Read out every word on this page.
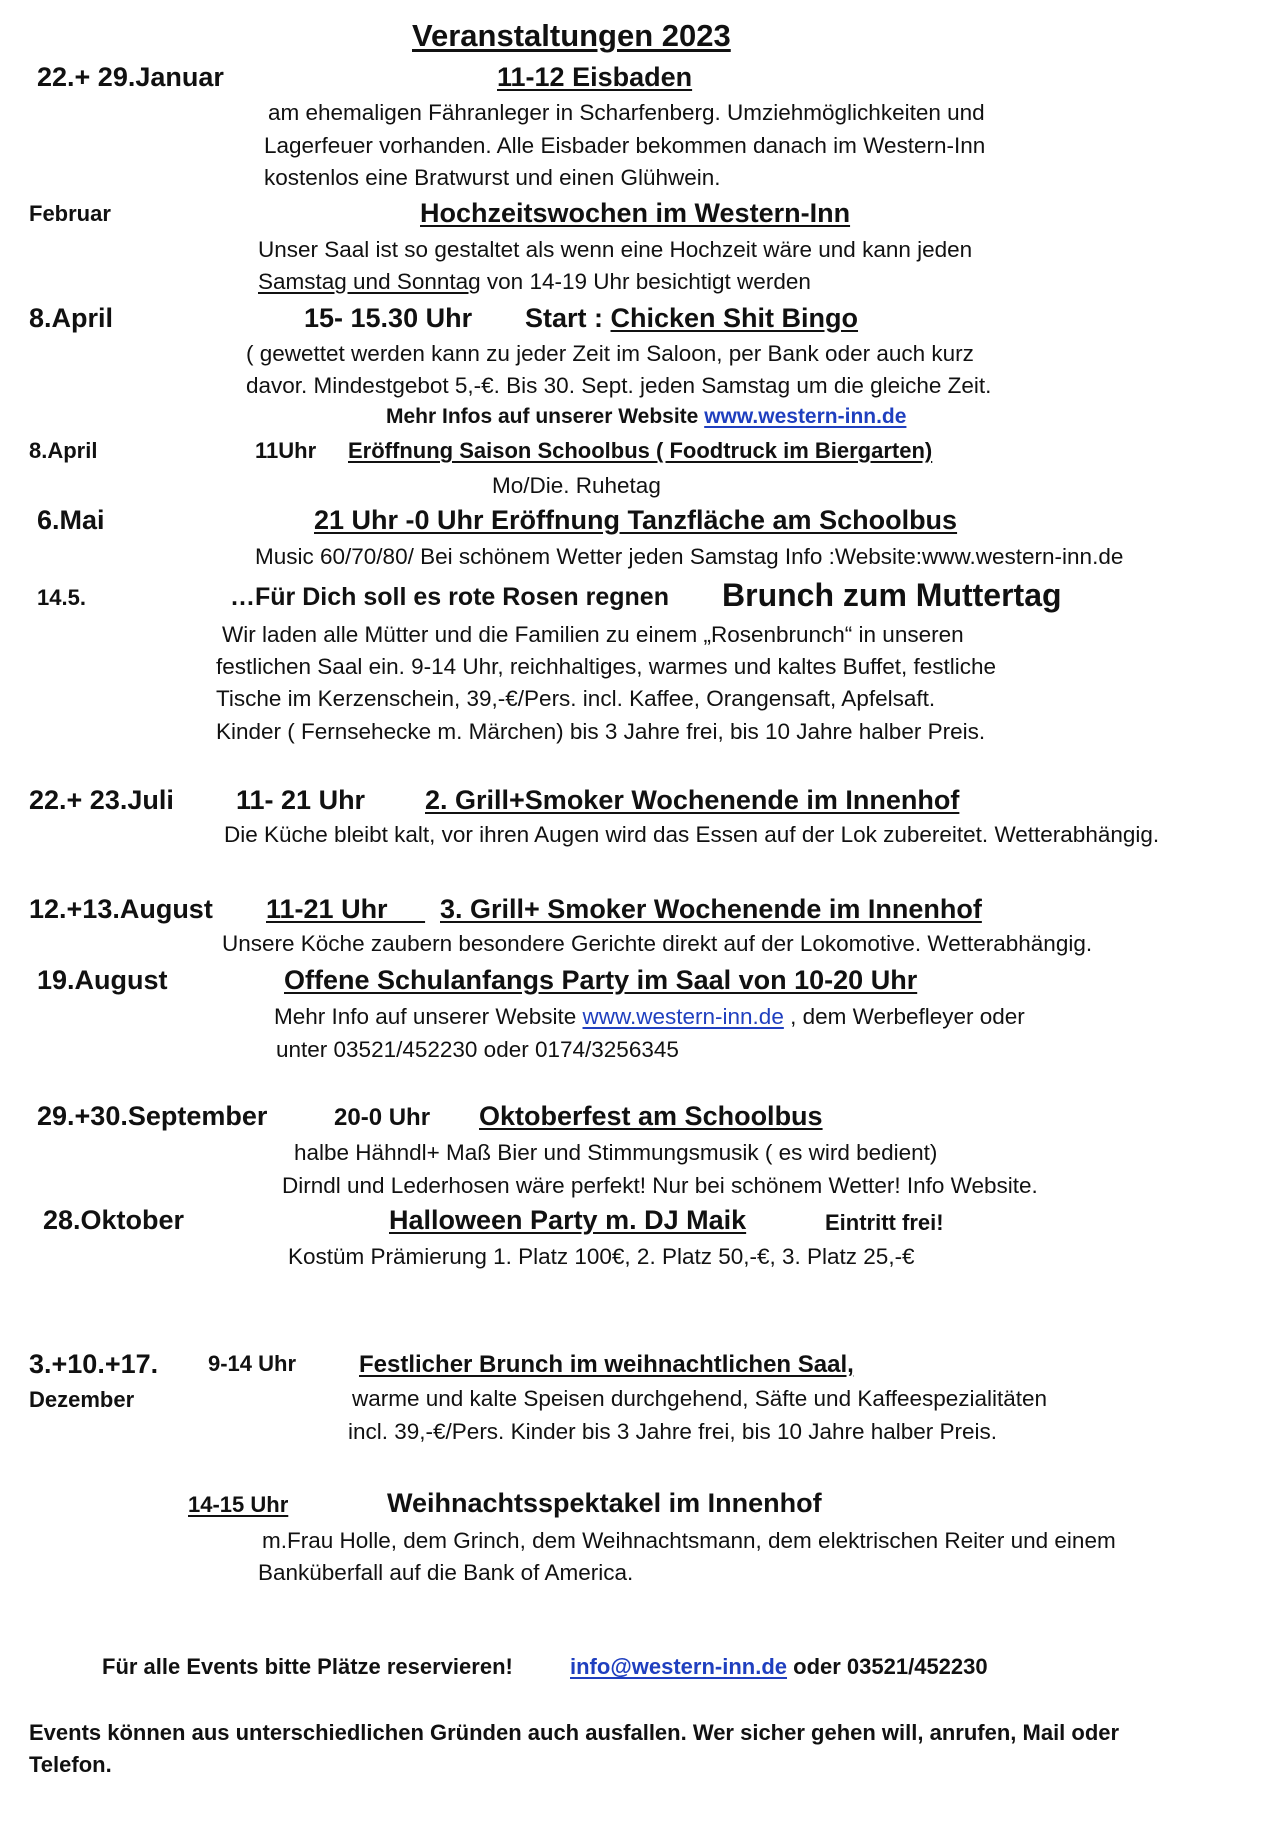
Veranstaltungen 2023
22.+ 29.Januar	11-12 Eisbaden
am ehemaligen Fähranleger in Scharfenberg. Umziehmöglichkeiten und
Lagerfeuer vorhanden. Alle Eisbader bekommen danach im Western-Inn
kostenlos eine Bratwurst und einen Glühwein.
Februar	Hochzeitswochen im Western-Inn
Unser Saal ist so gestaltet als wenn eine Hochzeit wäre und kann jeden
Samstag und Sonntag von 14-19 Uhr besichtigt werden
8.April	15- 15.30 Uhr Start : Chicken Shit Bingo
( gewettet werden kann zu jeder Zeit im Saloon, per Bank oder auch kurz
davor. Mindestgebot 5,-€. Bis 30. Sept. jeden Samstag um die gleiche Zeit.
Mehr Infos auf unserer Website www.western-inn.de
8.April	11Uhr Eröffnung Saison Schoolbus ( Foodtruck im Biergarten)
Mo/Die. Ruhetag
6.Mai	21 Uhr -0 Uhr Eröffnung Tanzfläche am Schoolbus
Music 60/70/80/ Bei schönem Wetter jeden Samstag Info :Website:www.western-inn.de
14.5.	…Für Dich soll es rote Rosen regnen Brunch zum Muttertag
Wir laden alle Mütter und die Familien zu einem „Rosenbrunch“ in unseren
festlichen Saal ein. 9-14 Uhr, reichhaltiges, warmes und kaltes Buffet, festliche
Tische im Kerzenschein, 39,-€/Pers. incl. Kaffee, Orangensaft, Apfelsaft.
Kinder ( Fernsehecke m. Märchen) bis 3 Jahre frei, bis 10 Jahre halber Preis.
22.+ 23.Juli 11- 21 Uhr 2. Grill+Smoker Wochenende im Innenhof
Die Küche bleibt kalt, vor ihren Augen wird das Essen auf der Lok zubereitet. Wetterabhängig.
12.+13.August 11-21 Uhr 3. Grill+ Smoker Wochenende im Innenhof
Unsere Köche zaubern besondere Gerichte direkt auf der Lokomotive. Wetterabhängig.
19.August	Offene Schulanfangs Party im Saal von 10-20 Uhr
Mehr Info auf unserer Website www.western-inn.de , dem Werbefleyer oder
unter 03521/452230 oder 0174/3256345
29.+30.September	20-0 Uhr Oktoberfest am Schoolbus
halbe Hähndl+ Maß Bier und Stimmungsmusik ( es wird bedient)
Dirndl und Lederhosen wäre perfekt! Nur bei schönem Wetter! Info Website.
28.Oktober	Halloween Party m. DJ Maik	Eintritt frei!
Kostüm Prämierung 1. Platz 100€, 2. Platz 50,-€, 3. Platz 25,-€
3.+10.+17.
Dezember
9-14 Uhr	Festlicher Brunch im weihnachtlichen Saal,
warme und kalte Speisen durchgehend, Säfte und Kaffeespezialitäten
incl. 39,-€/Pers. Kinder bis 3 Jahre frei, bis 10 Jahre halber Preis.
14-15 Uhr	Weihnachtsspektakel im Innenhof
m.Frau Holle, dem Grinch, dem Weihnachtsmann, dem elektrischen Reiter und einem
Banküberfall auf die Bank of America.
Für alle Events bitte Plätze reservieren!	info@western-inn.de oder 03521/452230
Events können aus unterschiedlichen Gründen auch ausfallen. Wer sicher gehen will, anrufen, Mail oder
Telefon.
